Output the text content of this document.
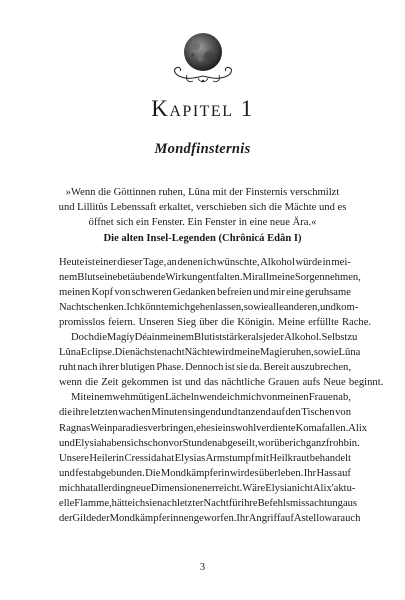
Kapitel 1
Mondfinsternis
»Wenn die Göttinnen ruhen, Lûna mit der Finsternis verschmilzt
und Lillitûs Lebenssaft erkaltet, verschieben sich die Mächte und es
öffnet sich ein Fenster. Ein Fenster in eine neue Ära.«
Die alten Insel-Legenden (Chrônicá Edân I)
Heute ist einer dieser Tage, an denen ich wünschte, Alkohol würde in mei-
nem Blut seine betäubende Wirkung entfalten. Mir all meine Sorgen nehmen,
meinen Kopf von schweren Gedanken befreien und mir eine geruhsame
Nacht schenken. Ich könnte mich gehen lassen, so wie alle anderen, und kom-
promisslos feiern. Unseren Sieg über die Königin. Meine erfüllte Rache.
Doch die Magíy Déa in meinem Blut ist stärker als jeder Alkohol. Selbst zu
Lûna Eclipse. Die nächsten acht Nächte wird meine Magie ruhen, so wie Lûna
ruht nach ihrer blutigen Phase. Dennoch ist sie da. Bereit auszubrechen,
wenn die Zeit gekommen ist und das nächtliche Grauen aufs Neue beginnt.
Mit einem wehmütigen Lächeln wende ich mich von meinen Frauen ab,
die ihre letzten wachen Minuten singend und tanzend auf den Tischen von
Ragnas Weinparadies verbringen, ehe sie ins wohlverdiente Koma fallen. Alix
und Elysia haben sich schon vor Stunden abgeseilt, worüber ich ganz froh bin.
Unsere Heilerin Cressida hat Elysias Armstumpf mit Heilkraut behandelt
und fest abgebunden. Die Mondkämpferin wird es überleben. Ihr Hass auf
mich hat allerding neue Dimensionen erreicht. Wäre Elysia nicht Alix' aktu-
elle Flamme, hätte ich sie nach letzter Nacht für ihre Befehlsmissachtung aus
der Gilde der Mondkämpferinnen geworfen. Ihr Angriff auf Astello war auch
3
